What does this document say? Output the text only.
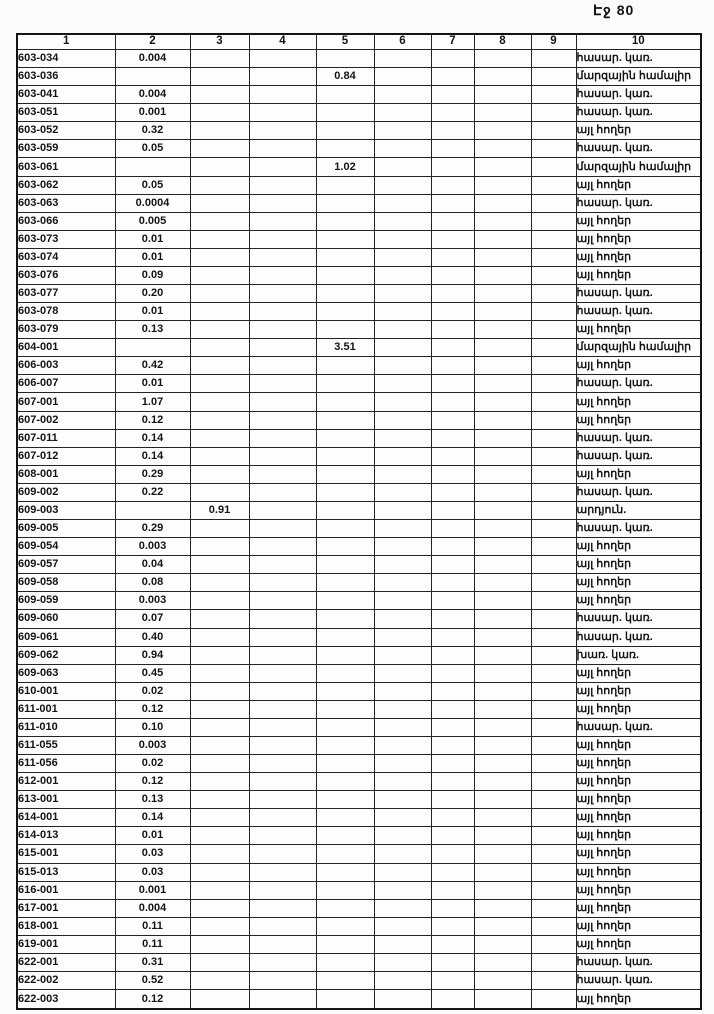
Էջ 80
1	2	3	4	5	6	7	8	9	10
603-034	0.004								հասար. կառ.
603-036				0.84					մարզային համալիր
603-041	0.004								հասար. կառ.
603-051	0.001								հասար. կառ.
603-052	0.32								այլ հողեր
603-059	0.05								հասար. կառ.
603-061				1.02					մարզային համալիր
603-062	0.05								այլ հողեր
603-063	0.0004								հասար. կառ.
603-066	0.005								այլ հողեր
603-073	0.01								այլ հողեր
603-074	0.01								այլ հողեր
603-076	0.09								այլ հողեր
603-077	0.20								հասար. կառ.
603-078	0.01								հասար. կառ.
603-079	0.13								այլ հողեր
604-001				3.51					մարզային համալիր
606-003	0.42								այլ հողեր
606-007	0.01								հասար. կառ.
607-001	1.07								այլ հողեր
607-002	0.12								այլ հողեր
607-011	0.14								հասար. կառ.
607-012	0.14								հասար. կառ.
608-001	0.29								այլ հողեր
609-002	0.22								հասար. կառ.
609-003		0.91							արդյուն.
609-005	0.29								հասար. կառ.
609-054	0.003								այլ հողեր
609-057	0.04								այլ հողեր
609-058	0.08								այլ հողեր
609-059	0.003								այլ հողեր
609-060	0.07								հասար. կառ.
609-061	0.40								հասար. կառ.
609-062	0.94								խառ. կառ.
609-063	0.45								այլ հողեր
610-001	0.02								այլ հողեր
611-001	0.12								այլ հողեր
611-010	0.10								հասար. կառ.
611-055	0.003								այլ հողեր
611-056	0.02								այլ հողեր
612-001	0.12								այլ հողեր
613-001	0.13								այլ հողեր
614-001	0.14								այլ հողեր
614-013	0.01								այլ հողեր
615-001	0.03								այլ հողեր
615-013	0.03								այլ հողեր
616-001	0.001								այլ հողեր
617-001	0.004								այլ հողեր
618-001	0.11								այլ հողեր
619-001	0.11								այլ հողեր
622-001	0.31								հասար. կառ.
622-002	0.52								հասար. կառ.
622-003	0.12								այլ հողեր
